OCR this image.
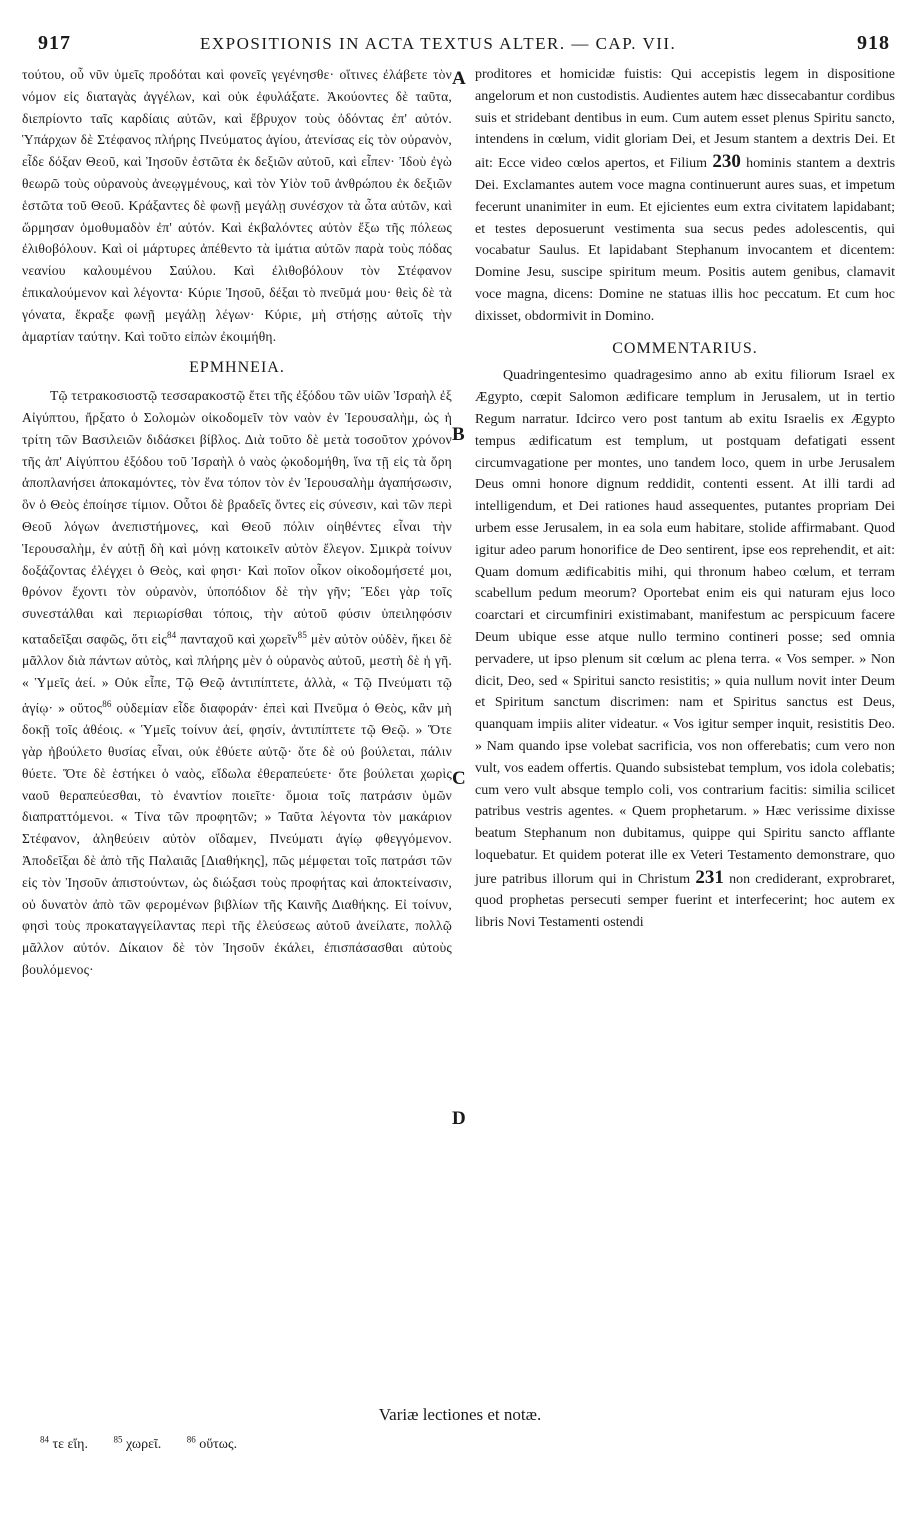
917	EXPOSITIONIS IN ACTA TEXTUS ALTER. — CAP. VII.	918

τούτου, οὗ νῦν ὑμεῖς προδόται καὶ φονεῖς γεγένησθε· οἵτινες ἐλάβετε τὸν νόμον εἰς διαταγὰς ἀγγέλων, καὶ οὐκ ἐφυλάξατε. Ἀκούοντες δὲ ταῦτα, διεπρίοντο ταῖς καρδίαις αὐτῶν, καὶ ἔβρυχον τοὺς ὀδόντας ἐπ' αὐτόν. Ὑπάρχων δὲ Στέφανος πλήρης Πνεύματος ἁγίου, ἀτενίσας εἰς τὸν οὐρανὸν, εἶδε δόξαν Θεοῦ, καὶ Ἰησοῦν ἑστῶτα ἐκ δεξιῶν αὐτοῦ, καὶ εἶπεν· Ἰδοὺ ἐγὼ θεωρῶ τοὺς οὐρανοὺς ἀνεῳγμένους, καὶ τὸν Υἱὸν τοῦ ἀνθρώπου ἐκ δεξιῶν ἑστῶτα τοῦ Θεοῦ. Κράξαντες δὲ φωνῇ μεγάλῃ συνέσχον τὰ ὦτα αὐτῶν, καὶ ὥρμησαν ὁμοθυμαδὸν ἐπ' αὐτόν. Καὶ ἐκβαλόντες αὐτὸν ἔξω τῆς πόλεως ἐλιθοβόλουν. Καὶ οἱ μάρτυρες ἀπέθεντο τὰ ἱμάτια αὐτῶν παρὰ τοὺς πόδας νεανίου καλουμένου Σαύλου. Καὶ ἐλιθοβόλουν τὸν Στέφανον ἐπικαλούμενον καὶ λέγοντα· Κύριε Ἰησοῦ, δέξαι τὸ πνεῦμά μου· θεὶς δὲ τὰ γόνατα, ἔκραξε φωνῇ μεγάλῃ λέγων· Κύριε, μὴ στήσῃς αὐτοῖς τὴν ἁμαρτίαν ταύτην. Καὶ τοῦτο εἰπὼν ἐκοιμήθη.

ΕΡΜΗΝΕΙΑ.

Τῷ τετρακοσιοστῷ τεσσαρακοστῷ ἔτει τῆς ἐξόδου τῶν υἱῶν Ἰσραὴλ ἐξ Αἰγύπτου, ἤρξατο ὁ Σολομὼν οἰκοδομεῖν τὸν ναὸν ἐν Ἱερουσαλὴμ, ὡς ἡ τρίτη τῶν Βασιλειῶν διδάσκει βίβλος. Διὰ τοῦτο δὲ μετὰ τοσοῦτον χρόνον τῆς ἀπ' Αἰγύπτου ἐξόδου τοῦ Ἰσραὴλ ὁ ναὸς ᾠκοδομήθη, ἵνα τῇ εἰς τὰ ὄρη ἀποπλανήσει ἀποκαμόντες, τὸν ἕνα τόπον τὸν ἐν Ἱερουσαλὴμ ἀγαπήσωσιν, ὃν ὁ Θεὸς ἐποίησε τίμιον. Οὗτοι δὲ βραδεῖς ὄντες εἰς σύνεσιν, καὶ τῶν περὶ Θεοῦ λόγων ἀνεπιστήμονες, καὶ Θεοῦ πόλιν οἰηθέντες εἶναι τὴν Ἱερουσαλὴμ, ἐν αὐτῇ δὴ καὶ μόνῃ κατοικεῖν αὐτὸν ἔλεγον. Σμικρὰ τοίνυν δοξάζοντας ἐλέγχει ὁ Θεὸς, καὶ φησι· Καὶ ποῖον οἶκον οἰκοδομήσετέ μοι, θρόνον ἔχοντι τὸν οὐρανὸν, ὑποπόδιον δὲ τὴν γῆν; Ἔδει γὰρ τοῖς συνεστάλθαι καὶ περιωρίσθαι τόποις, τὴν αὐτοῦ φύσιν ὑπειληφόσιν καταδεῖξαι σαφῶς, ὅτι εἰς$^{84}$ πανταχοῦ καὶ χωρεῖν$^{85}$ μὲν αὐτὸν οὐδὲν, ἥκει δὲ μᾶλλον διὰ πάντων αὐτὸς, καὶ πλήρης μὲν ὁ οὐρανὸς αὐτοῦ, μεστὴ δὲ ἡ γῆ. « Ὑμεῖς ἀεί. » Οὐκ εἶπε, Τῷ Θεῷ ἀντιπίπτετε, ἀλλὰ, « Τῷ Πνεύματι τῷ ἁγίῳ· » οὕτος$^{86}$ οὐδεμίαν εἶδε διαφοράν· ἐπεὶ καὶ Πνεῦμα ὁ Θεὸς, κἂν μὴ δοκῇ τοῖς ἀθέοις. « Ὑμεῖς τοίνυν ἀεί, φησίν, ἀντιπίπτετε τῷ Θεῷ. » Ὅτε γὰρ ἠβούλετο θυσίας εἶναι, οὐκ ἐθύετε αὐτῷ· ὅτε δὲ οὐ βούλεται, πάλιν θύετε. Ὅτε δὲ ἑστήκει ὁ ναὸς, εἴδωλα ἐθεραπεύετε· ὅτε βούλεται χωρὶς ναοῦ θεραπεύεσθαι, τὸ ἐναντίον ποιεῖτε· ὅμοια τοῖς πατράσιν ὑμῶν διαπραττόμενοι. « Τίνα τῶν προφητῶν; » Ταῦτα λέγοντα τὸν μακάριον Στέφανον, ἀληθεύειν αὐτὸν οἴδαμεν, Πνεύματι ἁγίῳ φθεγγόμενον. Ἀποδεῖξαι δὲ ἀπὸ τῆς Παλαιᾶς [Διαθήκης], πῶς μέμφεται τοῖς πατράσι τῶν εἰς τὸν Ἰησοῦν ἀπιστούντων, ὡς διώξασι τοὺς προφήτας καὶ ἀποκτείνασιν, οὐ δυνατὸν ἀπὸ τῶν φερομένων βιβλίων τῆς Καινῆς Διαθήκης. Εἰ τοίνυν, φησὶ τοὺς προκαταγγείλαντας περὶ τῆς ἐλεύσεως αὐτοῦ ἀνείλατε, πολλῷ μᾶλλον αὐτόν. Δίκαιον δὲ τὸν Ἰησοῦν ἐκάλει, ἐπισπάσασθαι αὐτοὺς βουλόμενος·

A
B
C
D

proditores et homicidæ fuistis: Qui accepistis legem in dispositione angelorum et non custodistis. Audientes autem hæc dissecabantur cordibus suis et stridebant dentibus in eum. Cum autem esset plenus Spiritu sancto, intendens in cœlum, vidit gloriam Dei, et Jesum stantem a dextris Dei. Et ait: Ecce video cœlos apertos, et Filium 230 hominis stantem a dextris Dei. Exclamantes autem voce magna continuerunt aures suas, et impetum fecerunt unanimiter in eum. Et ejicientes eum extra civitatem lapidabant; et testes deposuerunt vestimenta sua secus pedes adolescentis, qui vocabatur Saulus. Et lapidabant Stephanum invocantem et dicentem: Domine Jesu, suscipe spiritum meum. Positis autem genibus, clamavit voce magna, dicens: Domine ne statuas illis hoc peccatum. Et cum hoc dixisset, obdormivit in Domino.

COMMENTARIUS.

Quadringentesimo quadragesimo anno ab exitu filiorum Israel ex Ægypto, cœpit Salomon ædificare templum in Jerusalem, ut in tertio Regum narratur. Idcirco vero post tantum ab exitu Israelis ex Ægypto tempus ædificatum est templum, ut postquam defatigati essent circumvagatione per montes, uno tandem loco, quem in urbe Jerusalem Deus omni honore dignum reddidit, contenti essent. At illi tardi ad intelligendum, et Dei rationes haud assequentes, putantes propriam Dei urbem esse Jerusalem, in ea sola eum habitare, stolide affirmabant. Quod igitur adeo parum honorifice de Deo sentirent, ipse eos reprehendit, et ait: Quam domum ædificabitis mihi, qui thronum habeo cœlum, et terram scabellum pedum meorum? Oportebat enim eis qui naturam ejus loco coarctari et circumfiniri existimabant, manifestum ac perspicuum facere Deum ubique esse atque nullo termino contineri posse; sed omnia pervadere, ut ipso plenum sit cœlum ac plena terra. « Vos semper. » Non dicit, Deo, sed « Spiritui sancto resistitis; » quia nullum novit inter Deum et Spiritum sanctum discrimen: nam et Spiritus sanctus est Deus, quanquam impiis aliter videatur. « Vos igitur semper inquit, resistitis Deo. » Nam quando ipse volebat sacrificia, vos non offerebatis; cum vero non vult, vos eadem offertis. Quando subsistebat templum, vos idola colebatis; cum vero vult absque templo coli, vos contrarium facitis: similia scilicet patribus vestris agentes. « Quem prophetarum. » Hæc verissime dixisse beatum Stephanum non dubitamus, quippe qui Spiritu sancto afflante loquebatur. Et quidem poterat ille ex Veteri Testamento demonstrare, quo jure patribus illorum qui in Christum 231 non crediderant, exprobraret, quod prophetas persecuti semper fuerint et interfecerint; hoc autem ex libris Novi Testamenti ostendi

Variæ lectiones et notæ.
$^{84}$ τε εἴη.	$^{85}$ χωρεῖ.	$^{86}$ οὕτως.
